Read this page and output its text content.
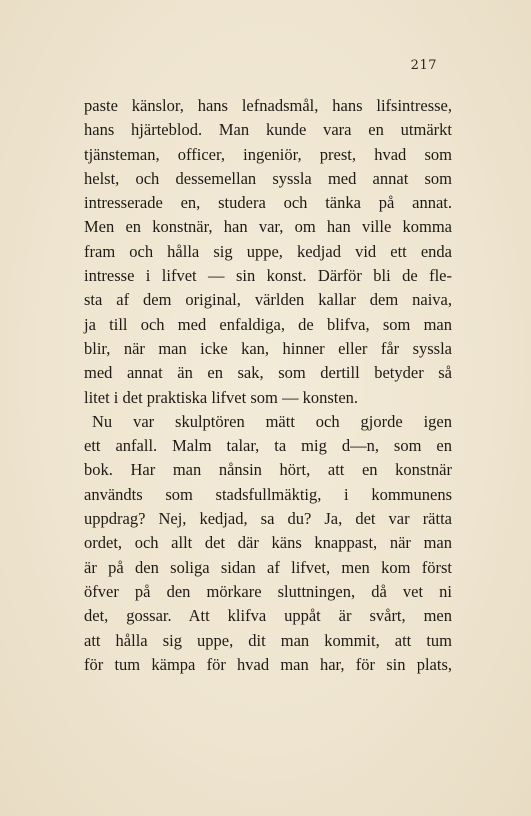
217
paste känslor, hans lefnadsmål, hans lifsintresse,
hans hjärteblod. Man kunde vara en utmärkt
tjänsteman, officer, ingeniör, prest, hvad som
helst, och dessemellan syssla med annat som
intresserade en, studera och tänka på annat.
Men en konstnär, han var, om han ville komma
fram och hålla sig uppe, kedjad vid ett enda
intresse i lifvet — sin konst. Därför bli de fle-
sta af dem original, världen kallar dem naiva,
ja till och med enfaldiga, de blifva, som man
blir, när man icke kan, hinner eller får syssla
med annat än en sak, som dertill betyder så
litet i det praktiska lifvet som — konsten.
Nu var skulptören mätt och gjorde igen
ett anfall. Malm talar, ta mig d—n, som en
bok. Har man nånsin hört, att en konstnär
användts som stadsfullmäktig, i kommunens
uppdrag? Nej, kedjad, sa du? Ja, det var rätta
ordet, och allt det där käns knappast, när man
är på den soliga sidan af lifvet, men kom först
öfver på den mörkare sluttningen, då vet ni
det, gossar. Att klifva uppåt är svårt, men
att hålla sig uppe, dit man kommit, att tum
för tum kämpa för hvad man har, för sin plats,
